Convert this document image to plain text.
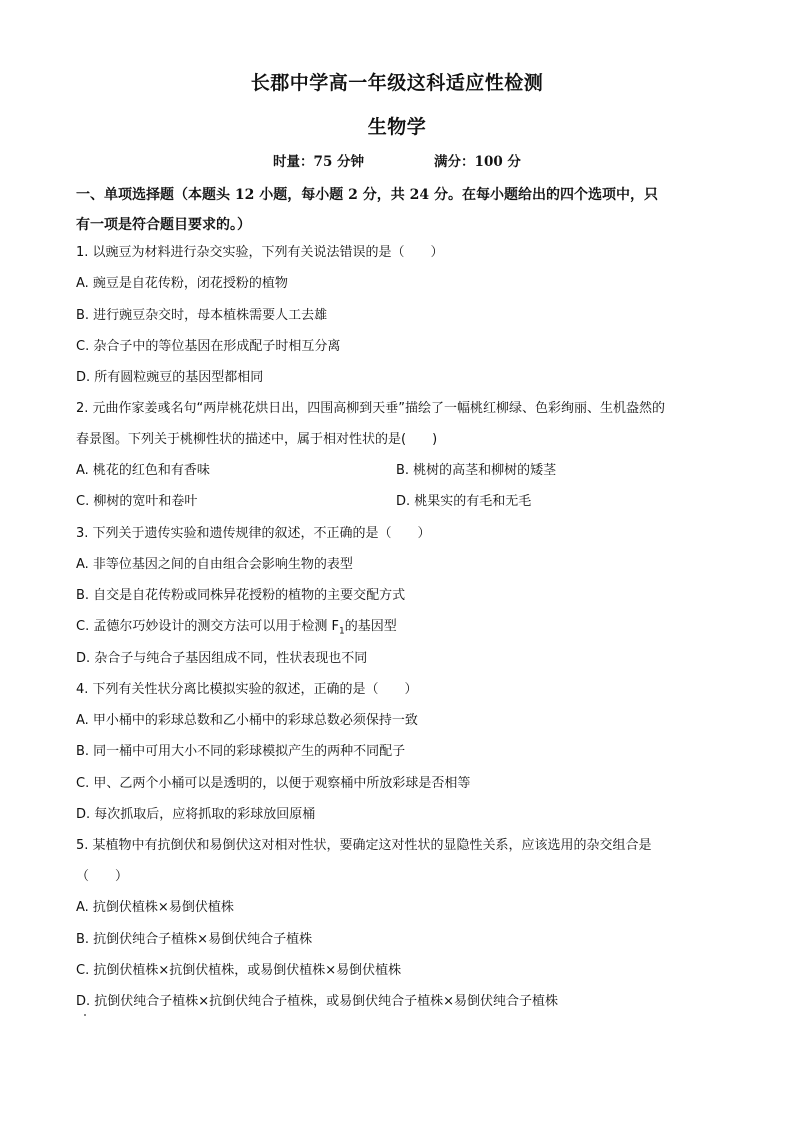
长郡中学高一年级这科适应性检测
生物学
时量：75 分钟	满分：100 分
一、单项选择题（本题头 12 小题，每小题 2 分，共 24 分。在每小题给出的四个选项中，只
有一项是符合题目要求的。）
1. 以豌豆为材料进行杂交实验，下列有关说法错误的是（　　）
A. 豌豆是自花传粉，闭花授粉的植物
B. 进行豌豆杂交时，母本植株需要人工去雄
C. 杂合子中的等位基因在形成配子时相互分离
D. 所有圆粒豌豆的基因型都相同
2. 元曲作家姜彧名句“两岸桃花烘日出，四围高柳到天垂”描绘了一幅桃红柳绿、色彩绚丽、生机盎然的
春景图。下列关于桃柳性状的描述中，属于相对性状的是(　　)
A. 桃花的红色和有香味	B. 桃树的高茎和柳树的矮茎
C. 柳树的宽叶和卷叶	D. 桃果实的有毛和无毛
3. 下列关于遗传实验和遗传规律的叙述，不正确的是（　　）
A. 非等位基因之间的自由组合会影响生物的表型
B. 自交是自花传粉或同株异花授粉的植物的主要交配方式
C. 孟德尔巧妙设计的测交方法可以用于检测 $F_1$的基因型
D. 杂合子与纯合子基因组成不同，性状表现也不同
4. 下列有关性状分离比模拟实验的叙述，正确的是（　　）
A. 甲小桶中的彩球总数和乙小桶中的彩球总数必须保持一致
B. 同一桶中可用大小不同的彩球模拟产生的两种不同配子
C. 甲、乙两个小桶可以是透明的，以便于观察桶中所放彩球是否相等
D. 每次抓取后，应将抓取的彩球放回原桶
5. 某植物中有抗倒伏和易倒伏这对相对性状，要确定这对性状的显隐性关系，应该选用的杂交组合是
（　　）
A. 抗倒伏植株×易倒伏植株
B. 抗倒伏纯合子植株×易倒伏纯合子植株
C. 抗倒伏植株×抗倒伏植株，或易倒伏植株×易倒伏植株
D. 抗倒伏纯合子植株×抗倒伏纯合子植株，或易倒伏纯合子植株×易倒伏纯合子植株
